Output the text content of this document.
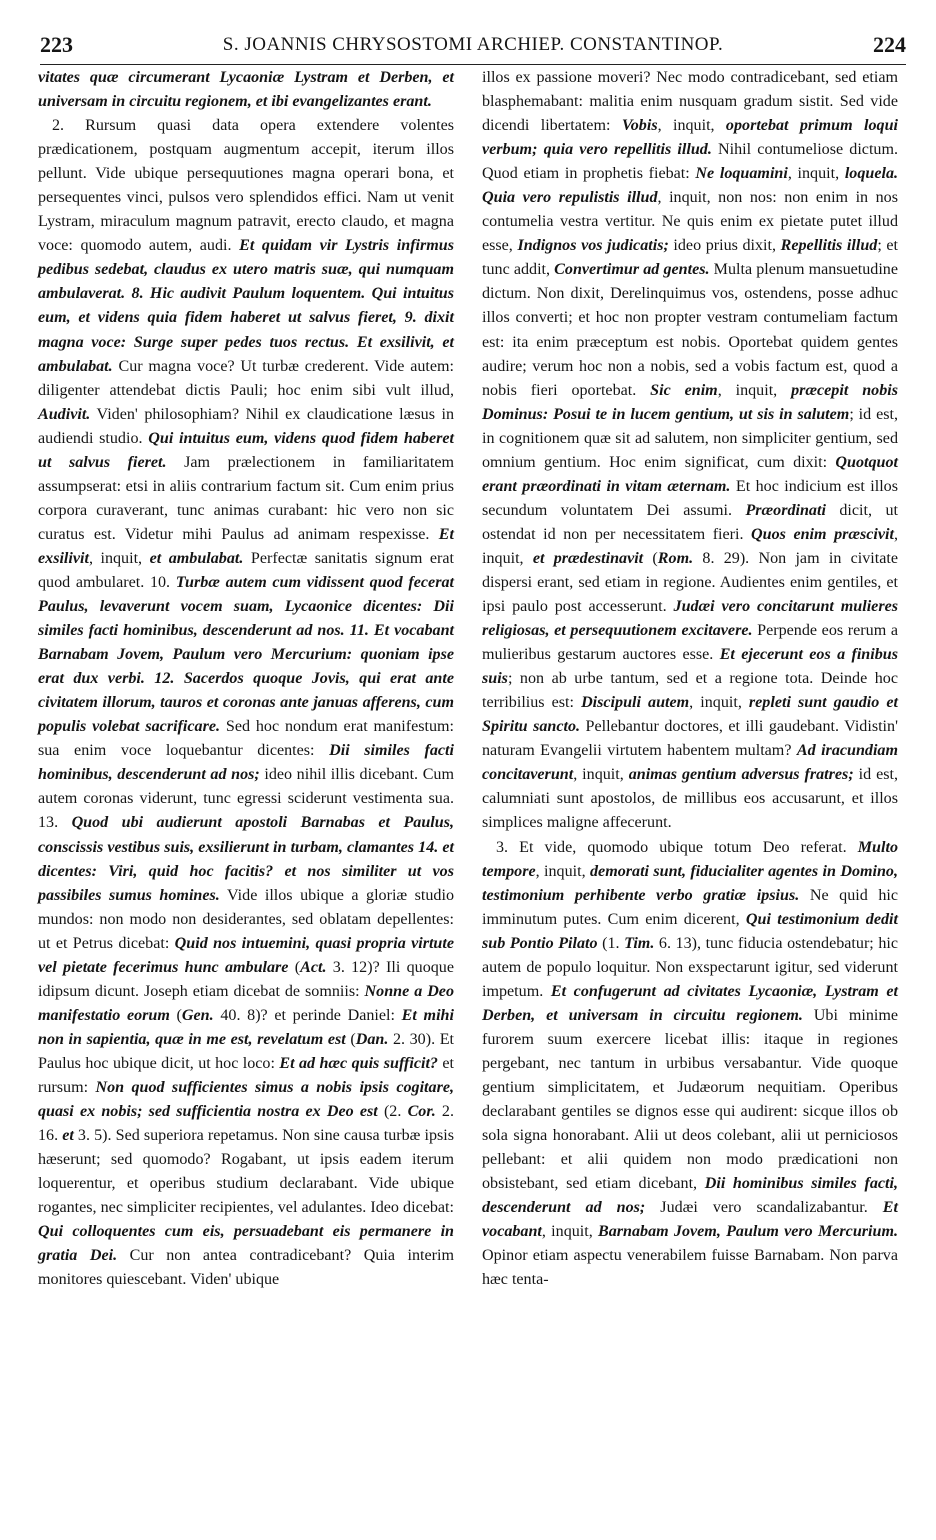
223	S. JOANNIS CHRYSOSTOMI ARCHIEP. CONSTANTINOP.	224

vitates quæ circumerant Lycaoniæ Lystram et Derben, et universam in circuitu regionem, et ibi evangelizantes erant.

2. Rursum quasi data opera extendere volentes prædicationem, postquam augmentum accepit, iterum illos pellunt. Vide ubique persequutiones magna operari bona, et persequentes vinci, pulsos vero splendidos effici. Nam ut venit Lystram, miraculum magnum patravit, erecto claudo, et magna voce: quomodo autem, audi. Et quidam vir Lystris infirmus pedibus sedebat, claudus ex utero matris suæ, qui numquam ambulaverat. 8. Hic audivit Paulum loquentem. Qui intuitus eum, et videns quia fidem haberet ut salvus fieret, 9. dixit magna voce: Surge super pedes tuos rectus. Et exsilivit, et ambulabat. Cur magna voce? Ut turbæ crederent. Vide autem: diligenter attendebat dictis Pauli; hoc enim sibi vult illud, Audivit. Viden' philosophiam? Nihil ex claudicatione læsus in audiendi studio. Qui intuitus eum, videns quod fidem haberet ut salvus fieret. Jam prælectionem in familiaritatem assumpserat: etsi in aliis contrarium factum sit. Cum enim prius corpora curaverant, tunc animas curabant: hic vero non sic curatus est. Videtur mihi Paulus ad animam respexisse. Et exsilivit, inquit, et ambulabat. Perfectæ sanitatis signum erat quod ambularet. 10. Turbæ autem cum vidissent quod fecerat Paulus, levaverunt vocem suam, Lycaonice dicentes: Dii similes facti hominibus, descenderunt ad nos. 11. Et vocabant Barnabam Jovem, Paulum vero Mercurium: quoniam ipse erat dux verbi. 12. Sacerdos quoque Jovis, qui erat ante civitatem illorum, tauros et coronas ante januas afferens, cum populis volebat sacrificare. Sed hoc nondum erat manifestum: sua enim voce loquebantur dicentes: Dii similes facti hominibus, descenderunt ad nos; ideo nihil illis dicebant. Cum autem coronas viderunt, tunc egressi sciderunt vestimenta sua. 13. Quod ubi audierunt apostoli Barnabas et Paulus, conscissis vestibus suis, exsilierunt in turbam, clamantes 14. et dicentes: Viri, quid hoc facitis? et nos similiter ut vos passibiles sumus homines. Vide illos ubique a gloriæ studio mundos: non modo non desiderantes, sed oblatam depellentes: ut et Petrus dicebat: Quid nos intuemini, quasi propria virtute vel pietate fecerimus hunc ambulare (Act. 3. 12)? Ili quoque idipsum dicunt. Joseph etiam dicebat de somniis: Nonne a Deo manifestatio eorum (Gen. 40. 8)? et perinde Daniel: Et mihi non in sapientia, quæ in me est, revelatum est (Dan. 2. 30). Et Paulus hoc ubique dicit, ut hoc loco: Et ad hæc quis sufficit? et rursum: Non quod sufficientes simus a nobis ipsis cogitare, quasi ex nobis; sed sufficientia nostra ex Deo est (2. Cor. 2. 16. et 3. 5). Sed superiora repetamus. Non sine causa turbæ ipsis hæserunt; sed quomodo? Rogabant, ut ipsis eadem iterum loquerentur, et operibus studium declarabant. Vide ubique rogantes, nec simpliciter recipientes, vel adulantes. Ideo dicebat: Qui colloquentes cum eis, persuadebant eis permanere in gratia Dei. Cur non antea contradicebant? Quia interim monitores quiescebant. Viden' ubique

illos ex passione moveri? Nec modo contradicebant, sed etiam blasphemabant: malitia enim nusquam gradum sistit. Sed vide dicendi libertatem: Vobis, inquit, oportebat primum loqui verbum; quia vero repellitis illud. Nihil contumeliose dictum. Quod etiam in prophetis fiebat: Ne loquamini, inquit, loquela. Quia vero repulistis illud, inquit, non nos: non enim in nos contumelia vestra vertitur. Ne quis enim ex pietate putet illud esse, Indignos vos judicatis; ideo prius dixit, Repellitis illud; et tunc addit, Convertimur ad gentes. Multa plenum mansuetudine dictum. Non dixit, Derelinquimus vos, ostendens, posse adhuc illos converti; et hoc non propter vestram contumeliam factum est: ita enim præceptum est nobis. Oportebat quidem gentes audire; verum hoc non a nobis, sed a vobis factum est, quod a nobis fieri oportebat. Sic enim, inquit, præcepit nobis Dominus: Posui te in lucem gentium, ut sis in salutem; id est, in cognitionem quæ sit ad salutem, non simpliciter gentium, sed omnium gentium. Hoc enim significat, cum dixit: Quotquot erant præordinati in vitam æternam. Et hoc indicium est illos secundum voluntatem Dei assumi. Præordinati dicit, ut ostendat id non per necessitatem fieri. Quos enim præscivit, inquit, et prædestinavit (Rom. 8. 29). Non jam in civitate dispersi erant, sed etiam in regione. Audientes enim gentiles, et ipsi paulo post accesserunt. Judæi vero concitarunt mulieres religiosas, et persequutionem excitavere. Perpende eos rerum a mulieribus gestarum auctores esse. Et ejecerunt eos a finibus suis; non ab urbe tantum, sed et a regione tota. Deinde hoc terribilius est: Discipuli autem, inquit, repleti sunt gaudio et Spiritu sancto. Pellebantur doctores, et illi gaudebant. Vidistin' naturam Evangelii virtutem habentem multam? Ad iracundiam concitaverunt, inquit, animas gentium adversus fratres; id est, calumniati sunt apostolos, de millibus eos accusarunt, et illos simplices maligne affecerunt.

3. Et vide, quomodo ubique totum Deo referat. Multo tempore, inquit, demorati sunt, fiducialiter agentes in Domino, testimonium perhibente verbo gratiæ ipsius. Ne quid hic imminutum putes. Cum enim dicerent, Qui testimonium dedit sub Pontio Pilato (1. Tim. 6. 13), tunc fiducia ostendebatur; hic autem de populo loquitur. Non exspectarunt igitur, sed viderunt impetum. Et confugerunt ad civitates Lycaoniæ, Lystram et Derben, et universam in circuitu regionem. Ubi minime furorem suum exercere licebat illis: itaque in regiones pergebant, nec tantum in urbibus versabantur. Vide quoque gentium simplicitatem, et Judæorum nequitiam. Operibus declarabant gentiles se dignos esse qui audirent: sicque illos ob sola signa honorabant. Alii ut deos colebant, alii ut perniciosos pellebant: et alii quidem non modo prædicationi non obsistebant, sed etiam dicebant, Dii hominibus similes facti, descenderunt ad nos; Judæi vero scandalizabantur. Et vocabant, inquit, Barnabam Jovem, Paulum vero Mercurium. Opinor etiam aspectu venerabilem fuisse Barnabam. Non parva hæc tenta-
